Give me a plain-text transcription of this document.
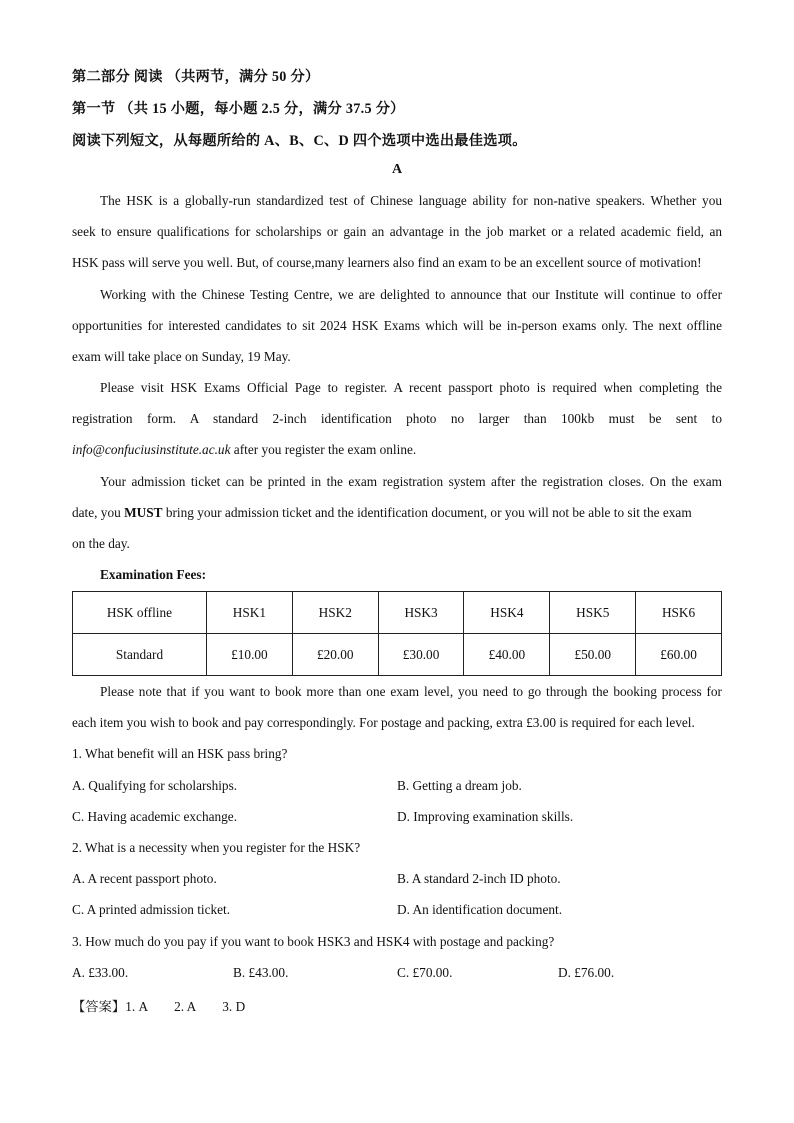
第二部分 阅读 （共两节，满分 50 分）
第一节 （共 15 小题，每小题 2.5 分，满分 37.5 分）
阅读下列短文，从每题所给的 A、B、C、D 四个选项中选出最佳选项。
A
The HSK is a globally-run standardized test of Chinese language ability for non-native speakers. Whether you
seek to ensure qualifications for scholarships or gain an advantage in the job market or a related academic field, an
HSK pass will serve you well. But, of course,many learners also find an exam to be an excellent source of motivation!
Working with the Chinese Testing Centre, we are delighted to announce that our Institute will continue to offer
opportunities for interested candidates to sit 2024 HSK Exams which will be in-person exams only. The next offline
exam will take place on Sunday, 19 May.
Please visit HSK Exams Official Page to register. A recent passport photo is required when completing the
registration form. A standard 2-inch identification photo no larger than 100kb must be sent to
info@confuciusinstitute.ac.uk after you register the exam online.
Your admission ticket can be printed in the exam registration system after the registration closes. On the exam
date, you MUST bring your admission ticket and the identification document, or you will not be able to sit the exam
on the day.
Examination Fees:
HSK offline	HSK1	HSK2	HSK3	HSK4	HSK5	HSK6
Standard	£10.00	£20.00	£30.00	£40.00	£50.00	£60.00
Please note that if you want to book more than one exam level, you need to go through the booking process for
each item you wish to book and pay correspondingly. For postage and packing, extra £3.00 is required for each level.
1. What benefit will an HSK pass bring?
A. Qualifying for scholarships.	B. Getting a dream job.
C. Having academic exchange.	D. Improving examination skills.
2. What is a necessity when you register for the HSK?
A. A recent passport photo.	B. A standard 2-inch ID photo.
C. A printed admission ticket.	D. An identification document.
3. How much do you pay if you want to book HSK3 and HSK4 with postage and packing?
A. £33.00.	B. £43.00.	C. £70.00.	D. £76.00.
【答案】1. A 2. A 3. D
